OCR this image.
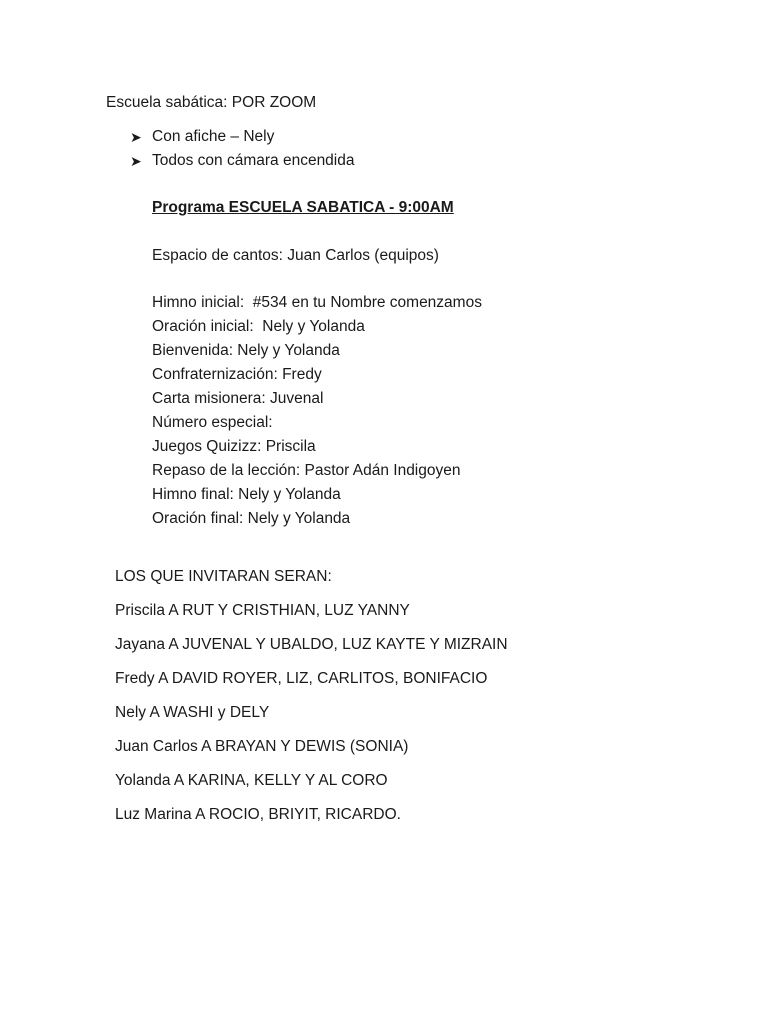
Escuela sabática: POR ZOOM
➤ Con afiche – Nely
➤ Todos con cámara encendida
Programa ESCUELA SABATICA - 9:00AM
Espacio de cantos: Juan Carlos (equipos)
Himno inicial:  #534 en tu Nombre comenzamos
Oración inicial:  Nely y Yolanda
Bienvenida: Nely y Yolanda
Confraternización: Fredy
Carta misionera: Juvenal
Número especial:
Juegos Quizizz: Priscila
Repaso de la lección: Pastor Adán Indigoyen
Himno final: Nely y Yolanda
Oración final: Nely y Yolanda
LOS QUE INVITARAN SERAN:
Priscila A RUT Y CRISTHIAN, LUZ YANNY
Jayana A JUVENAL Y UBALDO, LUZ KAYTE Y MIZRAIN
Fredy A DAVID ROYER, LIZ, CARLITOS, BONIFACIO
Nely A WASHI y DELY
Juan Carlos A BRAYAN Y DEWIS (SONIA)
Yolanda A KARINA, KELLY Y AL CORO
Luz Marina A ROCIO, BRIYIT, RICARDO.
